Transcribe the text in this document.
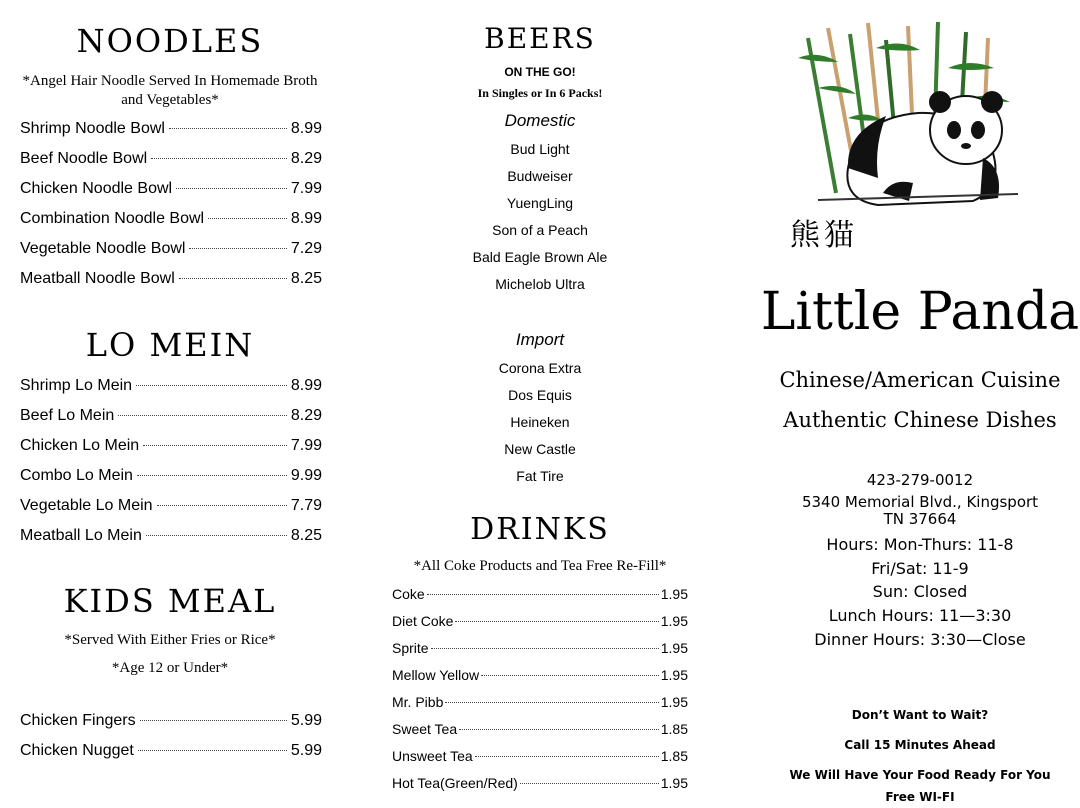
NOODLES
*Angel Hair Noodle Served In Homemade Broth and Vegetables*
Shrimp Noodle Bowl	8.99
Beef Noodle Bowl	8.29
Chicken Noodle Bowl	7.99
Combination Noodle Bowl	8.99
Vegetable Noodle Bowl	7.29
Meatball Noodle Bowl	8.25
LO MEIN
Shrimp Lo Mein	8.99
Beef Lo Mein	8.29
Chicken Lo Mein	7.99
Combo Lo Mein	9.99
Vegetable Lo Mein	7.79
Meatball Lo Mein	8.25
KIDS MEAL
*Served With Either Fries or Rice*
*Age 12 or Under*
Chicken Fingers	5.99
Chicken Nugget	5.99
BEERS
ON THE GO!
In Singles or In 6 Packs!
Domestic
Bud Light
Budweiser
YuengLing
Son of a Peach
Bald Eagle Brown Ale
Michelob Ultra
Import
Corona Extra
Dos Equis
Heineken
New Castle
Fat Tire
DRINKS
*All Coke Products and Tea Free Re-Fill*
Coke	1.95
Diet Coke	1.95
Sprite	1.95
Mellow Yellow	1.95
Mr. Pibb	1.95
Sweet Tea	1.85
Unsweet Tea	1.85
Hot Tea(Green/Red)	1.95
熊猫
Little Panda
Chinese/American Cuisine
Authentic Chinese Dishes
423-279-0012
5340 Memorial Blvd., Kingsport TN 37664
Hours: Mon-Thurs: 11-8
Fri/Sat: 11-9
Sun: Closed
Lunch Hours: 11—3:30
Dinner Hours: 3:30—Close
Don’t Want to Wait?
Call 15 Minutes Ahead
We Will Have Your Food Ready For You
Free WI-FI
